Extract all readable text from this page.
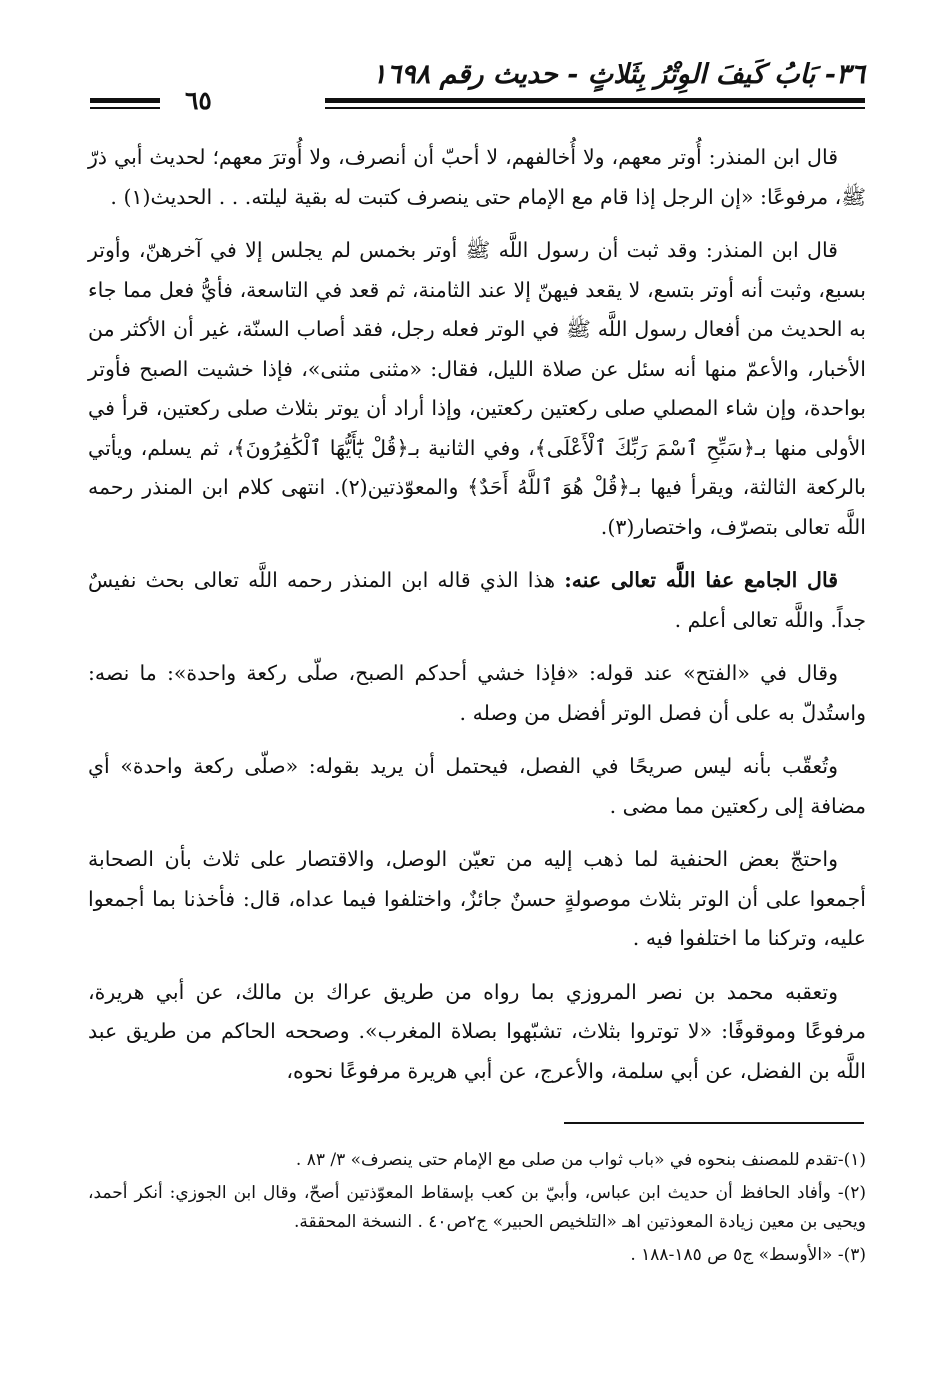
٣٦- بَابُ كَيفَ الوِتْرُ بِثَلاثٍ - حديث رقم ١٦٩٨
٦٥

قال ابن المنذر: أُوتر معهم، ولا أُخالفهم، لا أحبّ أن أنصرف، ولا أُوترَ معهم؛ لحديث أبي ذرّ ﷺ، مرفوعًا: «إن الرجل إذا قام مع الإمام حتى ينصرف كتبت له بقية ليلته. . . الحديث(١) .

قال ابن المنذر: وقد ثبت أن رسول اللَّه ﷺ أوتر بخمس لم يجلس إلا في آخرهنّ، وأوتر بسبع، وثبت أنه أوتر بتسع، لا يقعد فيهنّ إلا عند الثامنة، ثم قعد في التاسعة، فأيُّ فعل مما جاء به الحديث من أفعال رسول اللَّه ﷺ في الوتر فعله رجل، فقد أصاب السنّة، غير أن الأكثر من الأخبار، والأعمّ منها أنه سئل عن صلاة الليل، فقال: «مثنى مثنى»، فإذا خشيت الصبح فأوتر بواحدة، وإن شاء المصلي صلى ركعتين ركعتين، وإذا أراد أن يوتر بثلاث صلى ركعتين، قرأ في الأولى منها بـ﴿سَبِّحِ ٱسْمَ رَبِّكَ ٱلْأَعْلَى﴾، وفي الثانية بـ﴿قُلْ يَٰٓأَيُّهَا ٱلْكَٰفِرُونَ﴾، ثم يسلم، ويأتي بالركعة الثالثة، ويقرأ فيها بـ﴿قُلْ هُوَ ٱللَّهُ أَحَدٌ﴾ والمعوّذتين(٢). انتهى كلام ابن المنذر رحمه اللَّه تعالى بتصرّف، واختصار(٣).

قال الجامع عفا اللَّه تعالى عنه: هذا الذي قاله ابن المنذر رحمه اللَّه تعالى بحث نفيسٌ جداً. واللَّه تعالى أعلم .

وقال في «الفتح» عند قوله: «فإذا خشي أحدكم الصبح، صلّى ركعة واحدة»: ما نصه: واستُدلّ به على أن فصل الوتر أفضل من وصله .

وتُعقّب بأنه ليس صريحًا في الفصل، فيحتمل أن يريد بقوله: «صلّى ركعة واحدة» أي مضافة إلى ركعتين مما مضى .

واحتجّ بعض الحنفية لما ذهب إليه من تعيّن الوصل، والاقتصار على ثلاث بأن الصحابة أجمعوا على أن الوتر بثلاث موصولةٍ حسنٌ جائزٌ، واختلفوا فيما عداه، قال: فأخذنا بما أجمعوا عليه، وتركنا ما اختلفوا فيه .

وتعقبه محمد بن نصر المروزي بما رواه من طريق عراك بن مالك، عن أبي هريرة، مرفوعًا وموقوفًا: «لا توتروا بثلاث، تشبّهوا بصلاة المغرب». وصححه الحاكم من طريق عبد اللَّه بن الفضل، عن أبي سلمة، والأعرج، عن أبي هريرة مرفوعًا نحوه،

(١)-تقدم للمصنف بنحوه في «باب ثواب من صلى مع الإمام حتى ينصرف» ٣/ ٨٣ .

(٢)- وأفاد الحافظ أن حديث ابن عباس، وأبيّ بن كعب بإسقاط المعوّذتين أصحّ، وقال ابن الجوزي: أنكر أحمد، ويحيى بن معين زيادة المعوذتين اهـ «التلخيص الحبير» ج٢ص٤٠ . النسخة المحققة.

(٣)- «الأوسط» ج٥ ص ١٨٥-١٨٨ .
